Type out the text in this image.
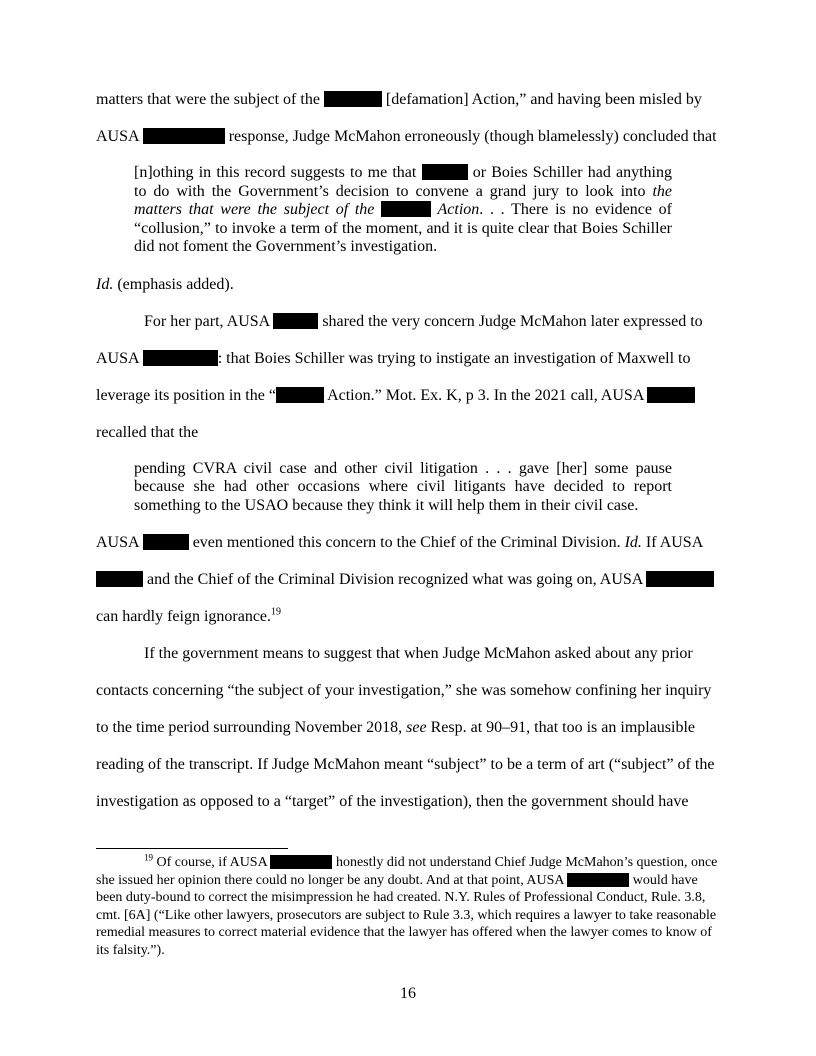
matters that were the subject of the	[defamation] Action,” and having been misled by AUSA	response, Judge McMahon erroneously (though blamelessly) concluded that

[n]othing in this record suggests to me that	or Boies Schiller had anything to do with the Government’s decision to convene a grand jury to look into the matters that were the subject of the	Action. . . There is no evidence of “collusion,” to invoke a term of the moment, and it is quite clear that Boies Schiller did not foment the Government’s investigation.

Id. (emphasis added).

For her part, AUSA	shared the very concern Judge McMahon later expressed to AUSA	: that Boies Schiller was trying to instigate an investigation of Maxwell to leverage its position in the “	Action.” Mot. Ex. K, p 3. In the 2021 call, AUSA  recalled that the

pending CVRA civil case and other civil litigation . . . gave [her] some pause because she had other occasions where civil litigants have decided to report something to the USAO because they think it will help them in their civil case.

AUSA	even mentioned this concern to the Chief of the Criminal Division. Id. If AUSA  and the Chief of the Criminal Division recognized what was going on, AUSA  can hardly feign ignorance.$^{19}$

If the government means to suggest that when Judge McMahon asked about any prior contacts concerning “the subject of your investigation,” she was somehow confining her inquiry to the time period surrounding November 2018, see Resp. at 90–91, that too is an implausible reading of the transcript. If Judge McMahon meant “subject” to be a term of art (“subject” of the investigation as opposed to a “target” of the investigation), then the government should have

$^{19}$ Of course, if AUSA	honestly did not understand Chief Judge McMahon’s question, once she issued her opinion there could no longer be any doubt. And at that point, AUSA	would have been duty-bound to correct the misimpression he had created. N.Y. Rules of Professional Conduct, Rule. 3.8, cmt. [6A] (“Like other lawyers, prosecutors are subject to Rule 3.3, which requires a lawyer to take reasonable remedial measures to correct material evidence that the lawyer has offered when the lawyer comes to know of its falsity.”).

16
